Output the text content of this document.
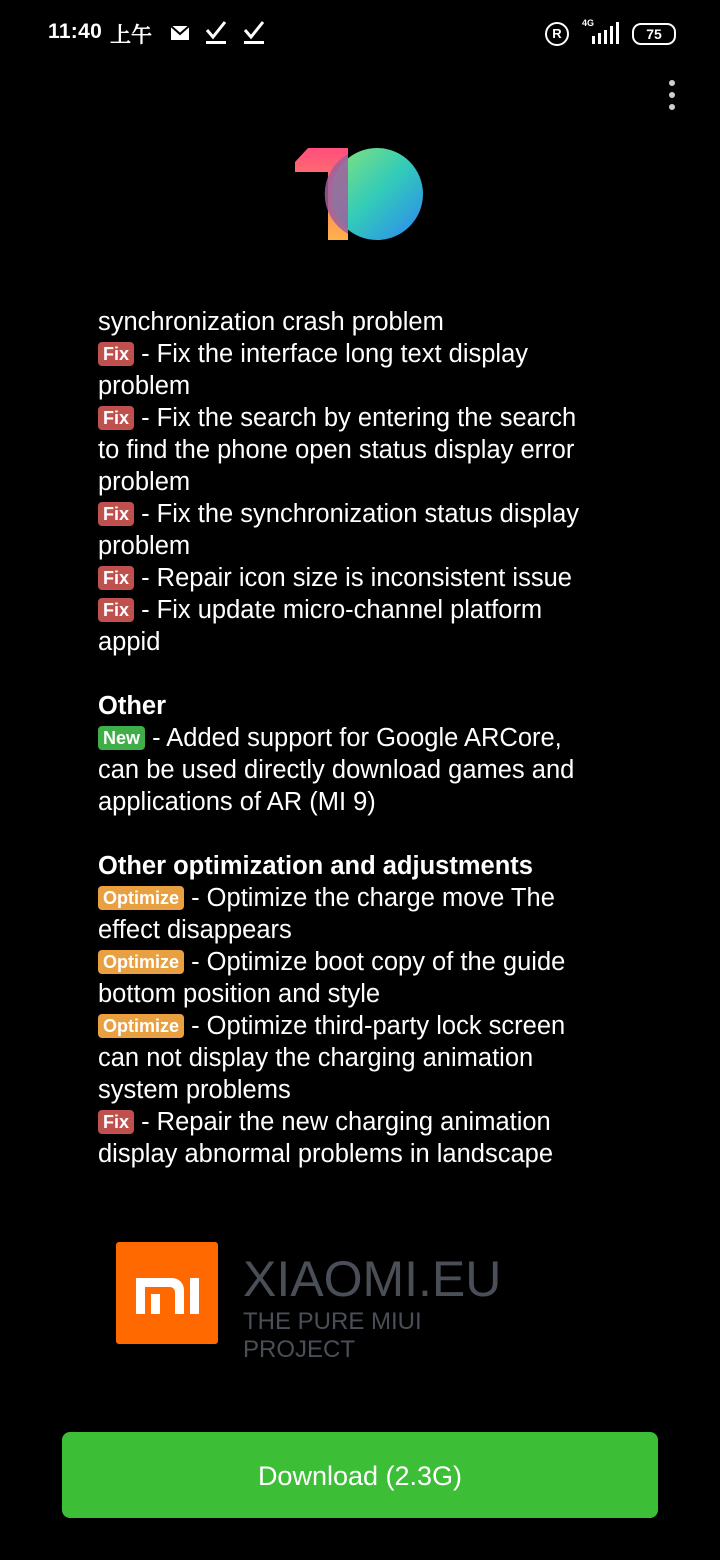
11:40 上午	R
4G
75
synchronization crash problem
Fix - Fix the interface long text display
problem
Fix - Fix the search by entering the search
to find the phone open status display error
problem
Fix - Fix the synchronization status display
problem
Fix - Repair icon size is inconsistent issue
Fix - Fix update micro-channel platform
appid
Other
New - Added support for Google ARCore,
can be used directly download games and
applications of AR (MI 9)
Other optimization and adjustments
Optimize - Optimize the charge move The
effect disappears
Optimize - Optimize boot copy of the guide
bottom position and style
Optimize - Optimize third-party lock screen
can not display the charging animation
system problems
Fix - Repair the new charging animation
display abnormal problems in landscape
XIAOMI.EU
THE PURE MIUI PROJECT
Download (2.3G)
